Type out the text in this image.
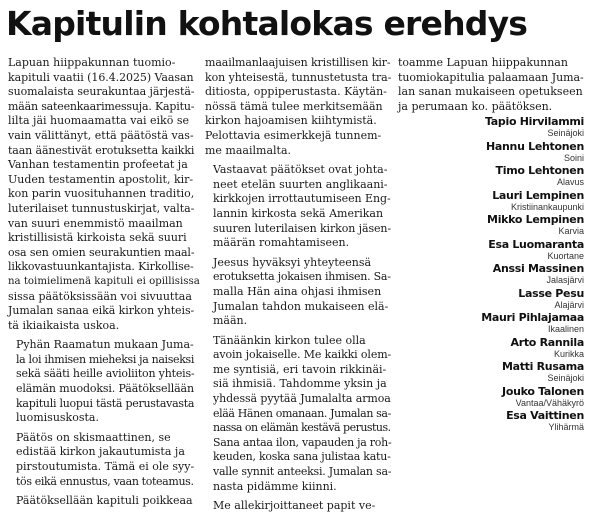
Kapitulin kohtalokas erehdys

Lapuan hiippakunnan tuomio-
kapituli vaatii (16.4.2025) Vaasan
suomalaista seurakuntaa järjestä-
mään sateenkaarimessuja. Kapitu-
lilta jäi huomaamatta vai eikö se
vain välittänyt, että päätöstä vas-
taan äänestivät erotuksetta kaikki
Vanhan testamentin profeetat ja
Uuden testamentin apostolit, kir-
kon parin vuosituhannen traditio,
luterilaiset tunnustuskirjat, valta-
van suuri enemmistö maailman
kristillisistä kirkoista sekä suuri
osa sen omien seurakuntien maal-
likkovastuunkantajista. Kirkollise-
na toimielimenä kapituli ei opillisissa
sissa päätöksissään voi sivuuttaa
Jumalan sanaa eikä kirkon yhteis-
tä ikiaikaista uskoa.

Pyhän Raamatun mukaan Juma-
la loi ihmisen mieheksi ja naiseksi
sekä sääti heille avioliiton yhteis-
elämän muodoksi. Päätöksellään
kapituli luopui tästä perustavasta
luomisuskosta.

Päätös on skismaattinen, se
edistää kirkon jakautumista ja
pirstoutumista. Tämä ei ole syy-
tös eikä ennustus, vaan toteamus.

Päätöksellään kapituli poikkeaa

maailmanlaajuisen kristillisen kir-
kon yhteisestä, tunnustetusta tra-
ditiosta, oppiperustasta. Käytän-
nössä tämä tulee merkitsemään
kirkon hajoamisen kiihtymistä.
Pelottavia esimerkkejä tunnem-
me maailmalta.

Vastaavat päätökset ovat johta-
neet etelän suurten anglikaani-
kirkkojen irrottautumiseen Eng-
lannin kirkosta sekä Amerikan
suuren luterilaisen kirkon jäsen-
määrän romahtamiseen.

Jeesus hyväksyi yhteyteensä
erotuksetta jokaisen ihmisen. Sa-
malla Hän aina ohjasi ihmisen
Jumalan tahdon mukaiseen elä-
mään.

Tänäänkin kirkon tulee olla
avoin jokaiselle. Me kaikki olem-
me syntisiä, eri tavoin rikkinäi-
siä ihmisiä. Tahdomme yksin ja
yhdessä pyytää Jumalalta armoa
elää Hänen omanaan. Jumalan sa-
nassa on elämän kestävä perustus.
Sana antaa ilon, vapauden ja roh-
keuden, koska sana julistaa katu-
valle synnit anteeksi. Jumalan sa-
nasta pidämme kiinni.

Me allekirjoittaneet papit ve-

toamme Lapuan hiippakunnan
tuomiokapitulia palaamaan Juma-
lan sanan mukaiseen opetukseen
ja perumaan ko. päätöksen.

Tapio Hirvilammi
Seinäjoki
Hannu Lehtonen
Soini
Timo Lehtonen
Alavus
Lauri Lempinen
Kristiinankaupunki
Mikko Lempinen
Karvia
Esa Luomaranta
Kuortane
Anssi Massinen
Jalasjärvi
Lasse Pesu
Alajärvi
Mauri Pihlajamaa
Ikaalinen
Arto Rannila
Kurikka
Matti Rusama
Seinäjoki
Jouko Talonen
Vantaa/Vähäkyrö
Esa Vaittinen
Ylihärmä
